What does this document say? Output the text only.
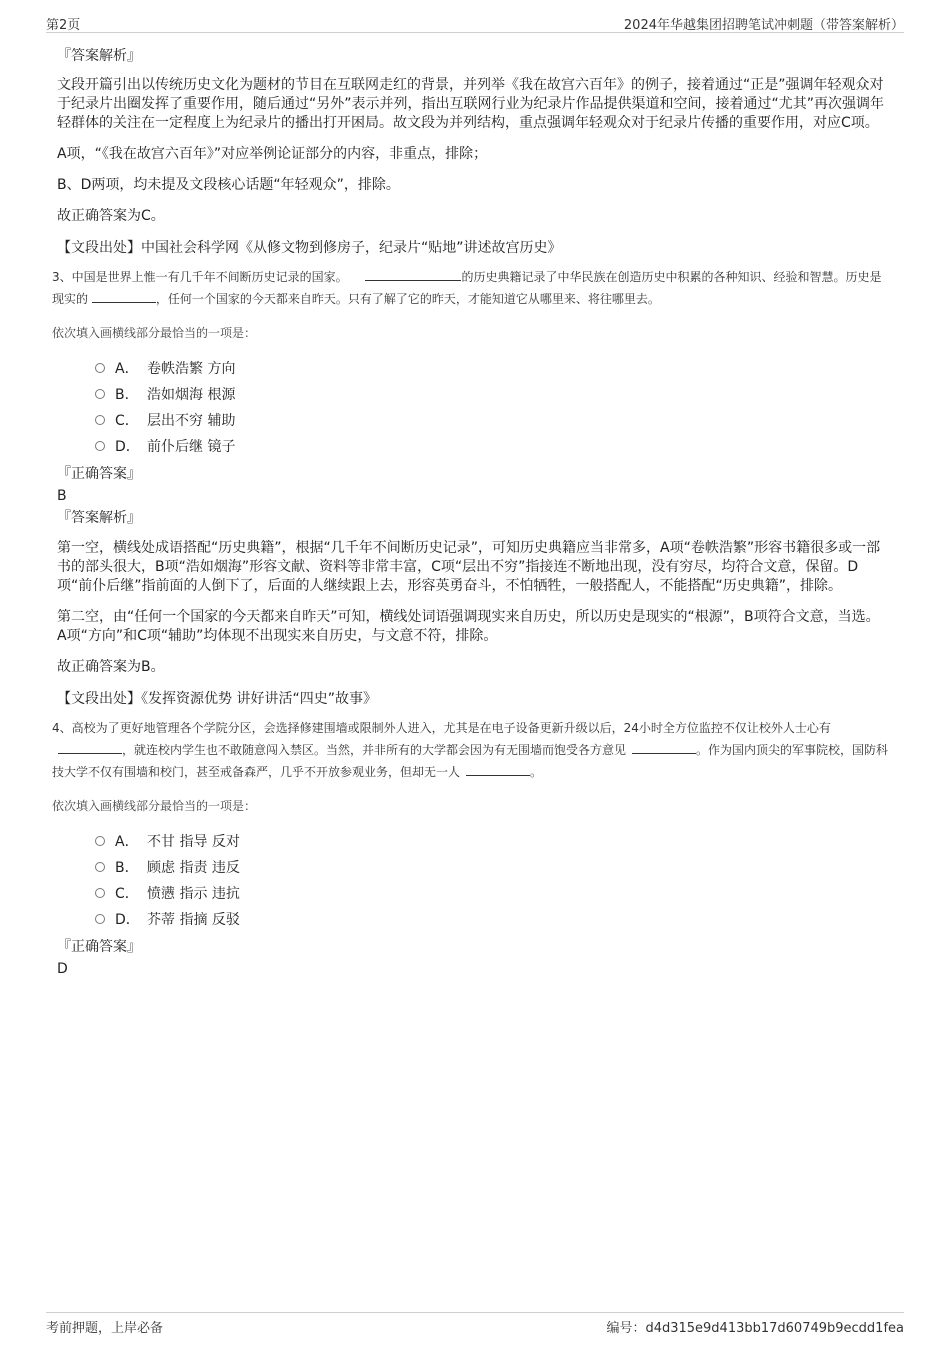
第2页	2024年华越集团招聘笔试冲刺题（带答案解析）
『答案解析』

文段开篇引出以传统历史文化为题材的节目在互联网走红的背景，并列举《我在故宫六百年》的例子，接着通过“正是”强调年轻观众对于纪录片出圈发挥了重要作用，随后通过“另外”表示并列，指出互联网行业为纪录片作品提供渠道和空间，接着通过“尤其”再次强调年轻群体的关注在一定程度上为纪录片的播出打开困局。故文段为并列结构，重点强调年轻观众对于纪录片传播的重要作用，对应C项。

A项，“《我在故宫六百年》”对应举例论证部分的内容，非重点，排除；

B、D两项，均未提及文段核心话题“年轻观众”，排除。

故正确答案为C。

【文段出处】中国社会科学网《从修文物到修房子，纪录片“贴地”讲述故宫历史》
3、中国是世界上惟一有几千年不间断历史记录的国家。	的历史典籍记录了中华民族在创造历史中积累的各种知识、经验和智慧。历史是现实的	，任何一个国家的今天都来自昨天。只有了解了它的昨天，才能知道它从哪里来、将往哪里去。
依次填入画横线部分最恰当的一项是：
A． 卷帙浩繁 方向
B． 浩如烟海 根源
C． 层出不穷 辅助
D． 前仆后继 镜子
『正确答案』
B
『答案解析』

第一空，横线处成语搭配“历史典籍”，根据“几千年不间断历史记录”，可知历史典籍应当非常多，A项“卷帙浩繁”形容书籍很多或一部书的部头很大，B项“浩如烟海”形容文献、资料等非常丰富，C项“层出不穷”指接连不断地出现，没有穷尽，均符合文意，保留。D项“前仆后继”指前面的人倒下了，后面的人继续跟上去，形容英勇奋斗，不怕牺牲，一般搭配人，不能搭配“历史典籍”，排除。

第二空，由“任何一个国家的今天都来自昨天”可知，横线处词语强调现实来自历史，所以历史是现实的“根源”，B项符合文意，当选。A项“方向”和C项“辅助”均体现不出现实来自历史，与文意不符，排除。

故正确答案为B。

【文段出处】《发挥资源优势 讲好讲活“四史”故事》
4、高校为了更好地管理各个学院分区，会选择修建围墙或限制外人进入，尤其是在电子设备更新升级以后，24小时全方位监控不仅让校外人士心有，就连校内学生也不敢随意闯入禁区。当然，并非所有的大学都会因为有无围墙而饱受各方意见	。作为国内顶尖的军事院校，国防科技大学不仅有围墙和校门，甚至戒备森严，几乎不开放参观业务，但却无一人	。
依次填入画横线部分最恰当的一项是：
A． 不甘 指导 反对
B． 顾虑 指责 违反
C． 愤懑 指示 违抗
D． 芥蒂 指摘 反驳
『正确答案』
D
考前押题，上岸必备	编号：d4d315e9d413bb17d60749b9ecdd1fea
